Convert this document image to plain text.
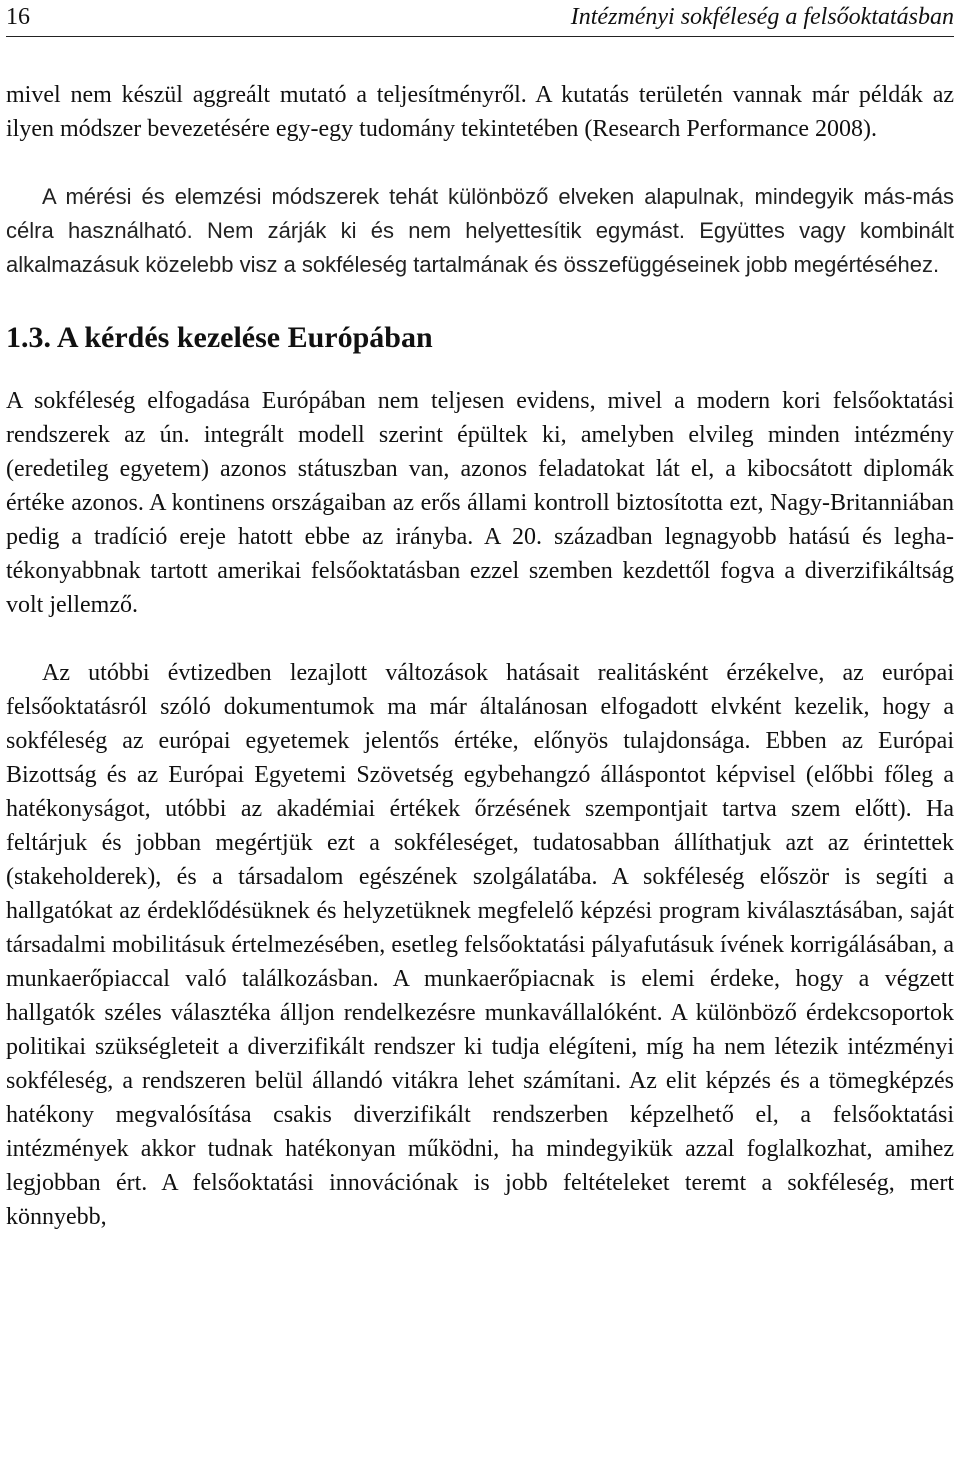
16	Intézményi sokféleség a felsőoktatásban

mivel nem készül aggreált mutató a teljesítményről. A kutatás területén vannak már példák az ilyen módszer bevezetésére egy-egy tudomány tekintetében (Research Performance 2008).

A mérési és elemzési módszerek tehát különböző elveken alapulnak, mindegyik más-más célra használható. Nem zárják ki és nem helyettesítik egymást. Együttes vagy kombinált alkalmazásuk közelebb visz a sokféleség tartalmának és összefüggéseinek jobb megértéséhez.

1.3. A kérdés kezelése Európában

A sokféleség elfogadása Európában nem teljesen evidens, mivel a modern kori felsőoktatási rendszerek az ún. integrált modell szerint épültek ki, amelyben elvileg minden intézmény (eredetileg egyetem) azonos státuszban van, azonos feladatokat lát el, a kibocsátott diplomák értéke azonos. A kontinens országaiban az erős állami kontroll biztosította ezt, Nagy-Britanniában pedig a tradíció ereje hatott ebbe az irányba. A 20. században legnagyobb hatású és leghatékonyabbnak tartott amerikai felsőoktatásban ezzel szemben kezdettől fogva a diverzifikáltság volt jellemző.

Az utóbbi évtizedben lezajlott változások hatásait realitásként érzékelve, az európai felsőoktatásról szóló dokumentumok ma már általánosan elfogadott elvként kezelik, hogy a sokféleség az európai egyetemek jelentős értéke, előnyös tulajdonsága. Ebben az Európai Bizottság és az Európai Egyetemi Szövetség egybehangzó álláspontot képvisel (előbbi főleg a hatékonyságot, utóbbi az akadémiai értékek őrzésének szempontjait tartva szem előtt). Ha feltárjuk és jobban megértjük ezt a sokféleséget, tudatosabban állíthatjuk azt az érintettek (stakeholderek), és a társadalom egészének szolgálatába. A sokféleség először is segíti a hallgatókat az érdeklődésüknek és helyzetüknek megfelelő képzési program kiválasztásában, saját társadalmi mobilitásuk értelmezésében, esetleg felsőoktatási pályafutásuk ívének korrigálásában, a munkaerőpiaccal való találkozásban. A munkaerőpiacnak is elemi érdeke, hogy a végzett hallgatók széles választéka álljon rendelkezésre munkavállalóként. A különböző érdekcsoportok politikai szükségleteit a diverzifikált rendszer ki tudja elégíteni, míg ha nem létezik intézményi sokféleség, a rendszeren belül állandó vitákra lehet számítani. Az elit képzés és a tömegképzés hatékony megvalósítása csakis diverzifikált rendszerben képzelhető el, a felsőoktatási intézmények akkor tudnak hatékonyan működni, ha mindegyikük azzal foglalkozhat, amihez legjobban ért. A felsőoktatási innovációnak is jobb feltételeket teremt a sokféleség, mert könnyebb,
